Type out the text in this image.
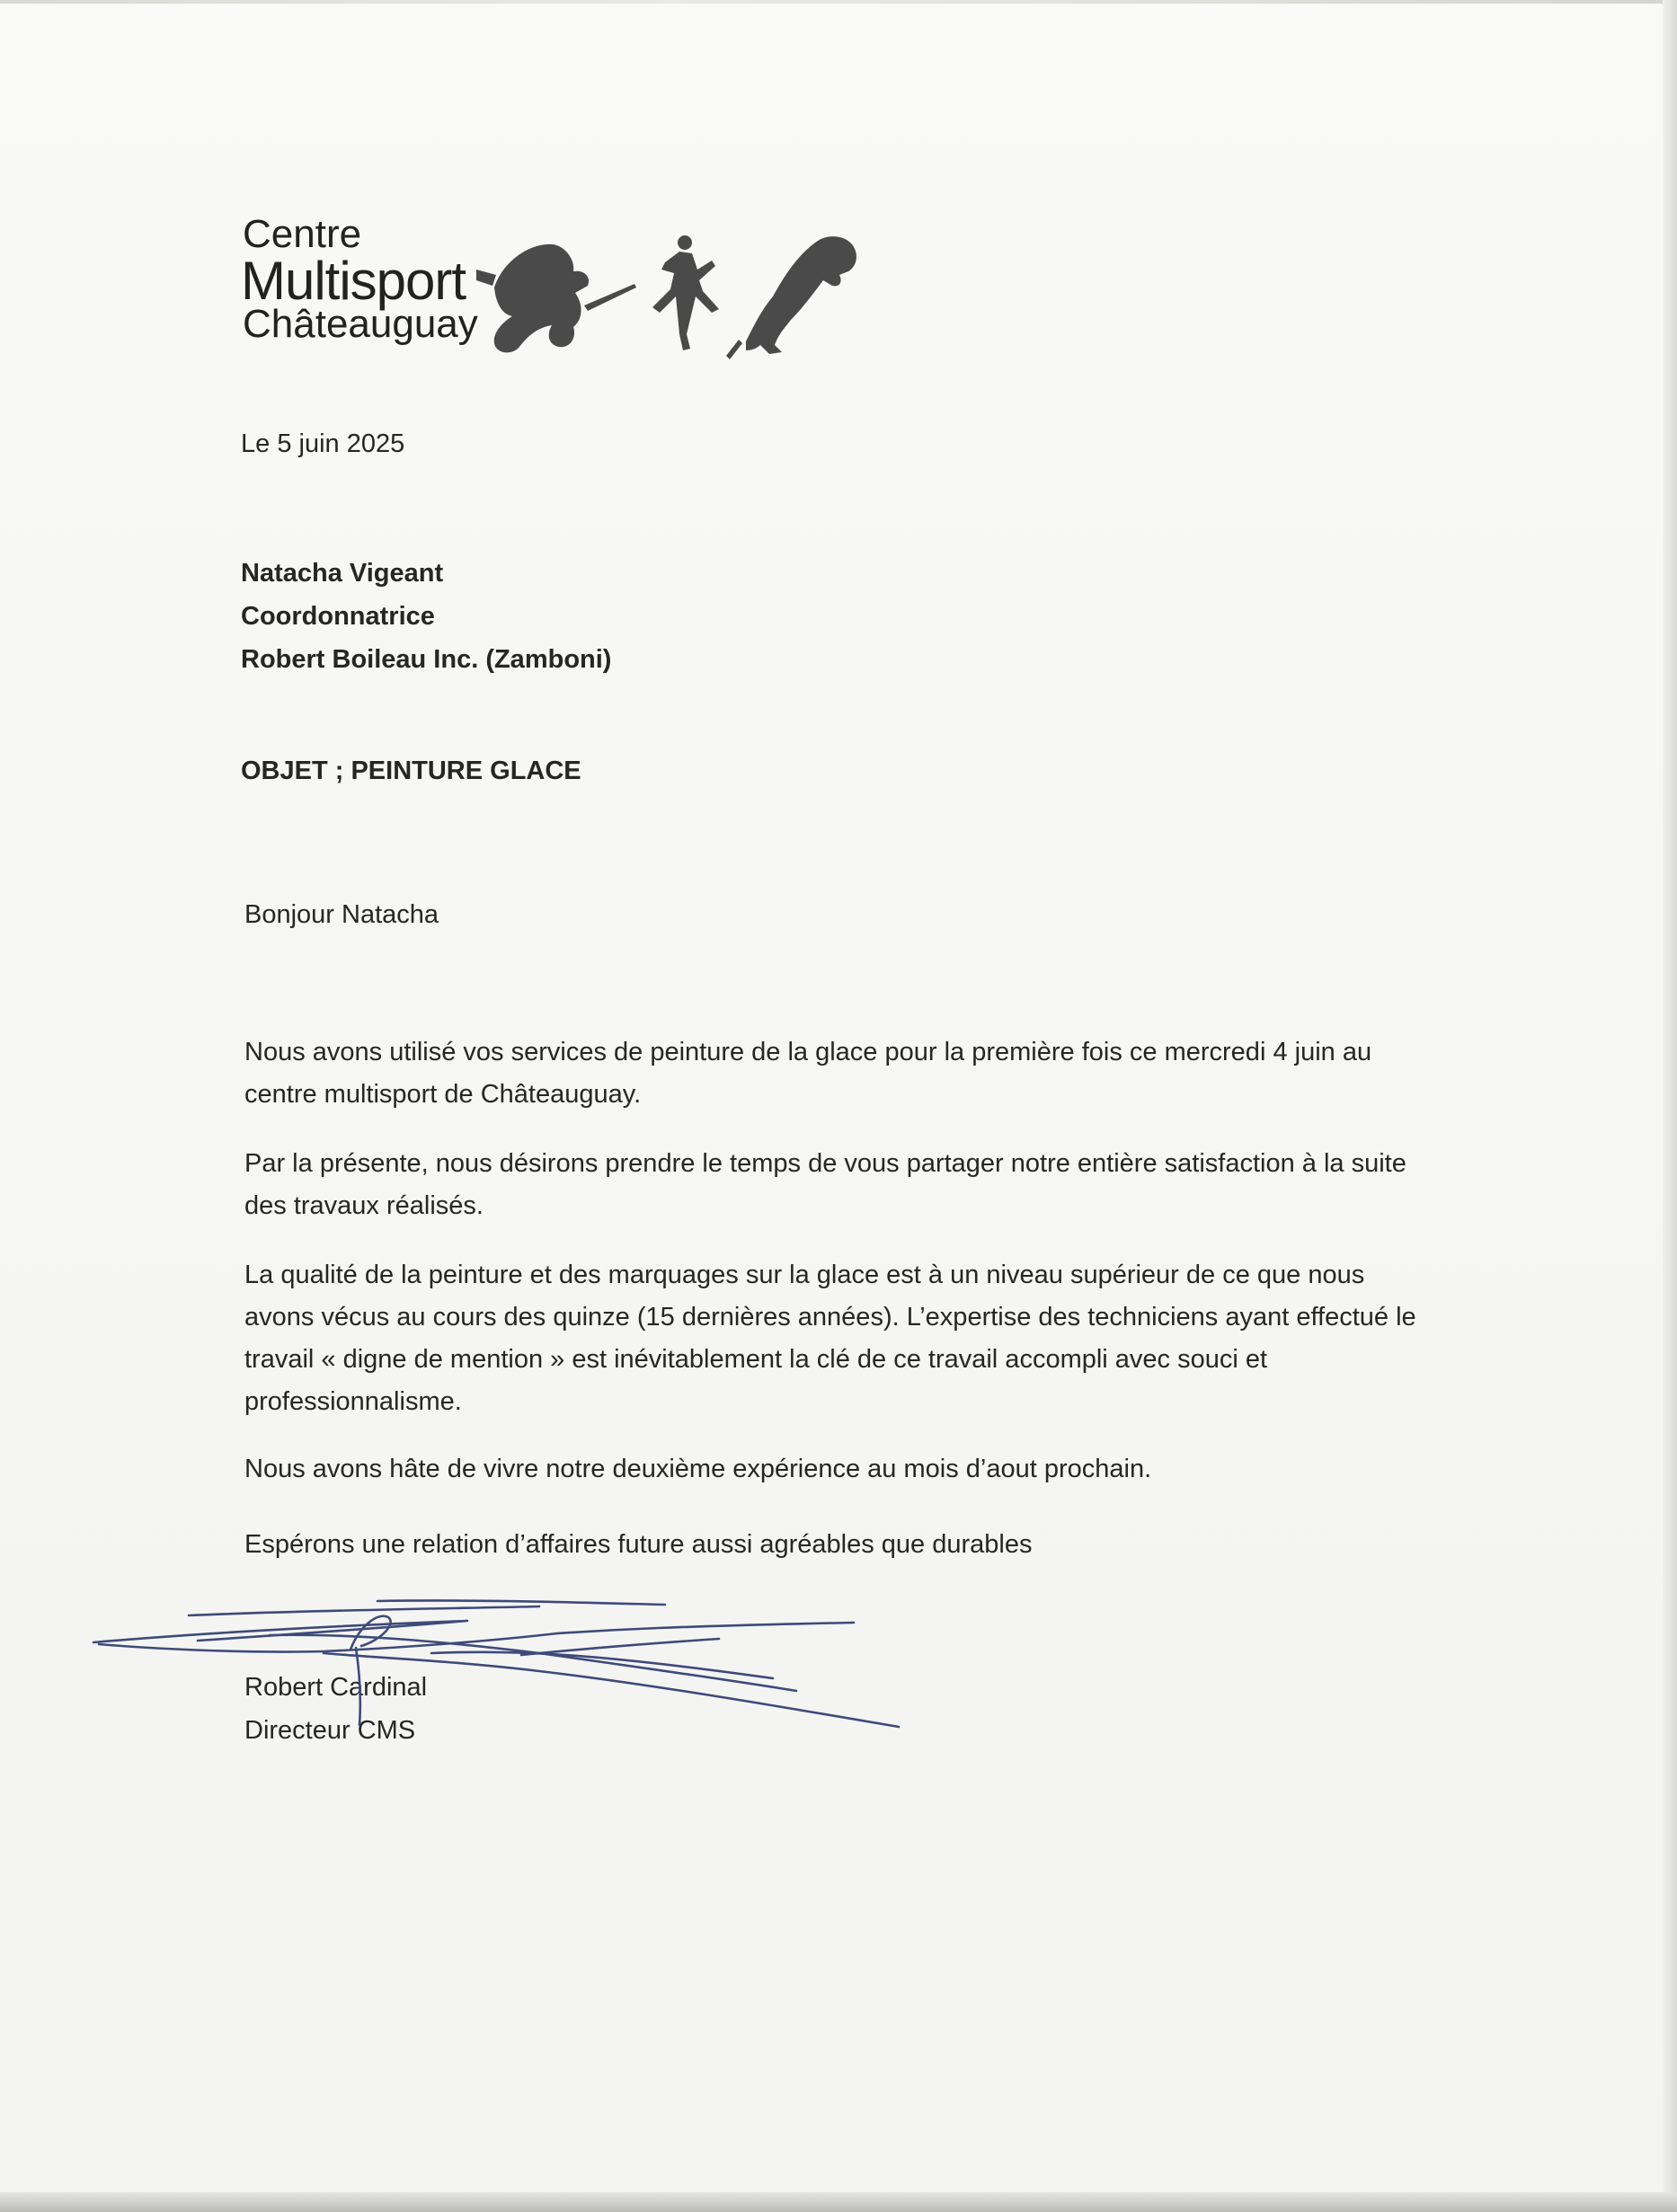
Centre
Multisport
Châteauguay
Le 5 juin 2025
Natacha Vigeant
Coordonnatrice
Robert Boileau Inc. (Zamboni)
OBJET ; PEINTURE GLACE
Bonjour Natacha

Nous avons utilisé vos services de peinture de la glace pour la première fois ce mercredi 4 juin au centre multisport de Châteauguay.

Par la présente, nous désirons prendre le temps de vous partager notre entière satisfaction à la suite des travaux réalisés.

La qualité de la peinture et des marquages sur la glace est à un niveau supérieur de ce que nous avons vécus au cours des quinze (15 dernières années). L’expertise des techniciens ayant effectué le travail « digne de mention » est inévitablement la clé de ce travail accompli avec souci et professionnalisme.

Nous avons hâte de vivre notre deuxième expérience au mois d’aout prochain.

Espérons une relation d’affaires future aussi agréables que durables

Robert Cardinal
Directeur CMS
